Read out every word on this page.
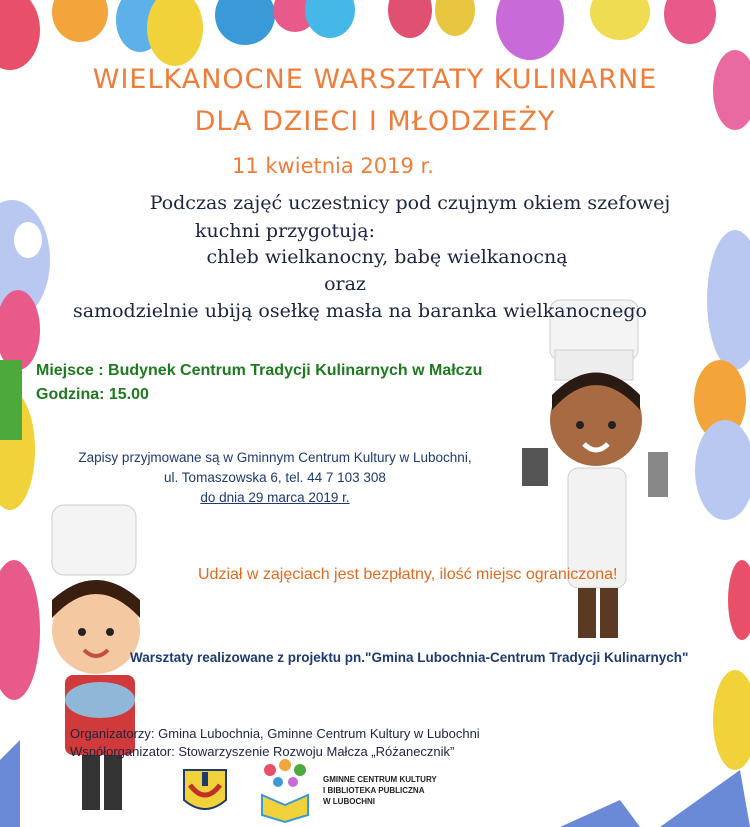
WIELKANOCNE WARSZTATY KULINARNE
DLA DZIECI I MŁODZIEŻY
11 kwietnia 2019 r.
Podczas zajęć uczestnicy pod czujnym okiem szefowej
kuchni przygotują:
chleb wielkanocny, babę wielkanocną
oraz
samodzielnie ubiją osełkę masła na baranka wielkanocnego
Miejsce : Budynek Centrum Tradycji Kulinarnych w Małczu
Godzina: 15.00
Zapisy przyjmowane są w Gminnym Centrum Kultury w Lubochni,
ul. Tomaszowska 6, tel. 44 7 103 308
do dnia 29 marca 2019 r.
Udział w zajęciach jest bezpłatny, ilość miejsc ograniczona!
Warsztaty realizowane z projektu pn."Gmina Lubochnia-Centrum Tradycji Kulinarnych"
Organizatorzy: Gmina Lubochnia, Gminne Centrum Kultury w Lubochni
Współorganizator: Stowarzyszenie Rozwoju Małcza „Różanecznik”
GMINNE CENTRUM KULTURY
I BIBLIOTEKA PUBLICZNA
W LUBOCHNI
